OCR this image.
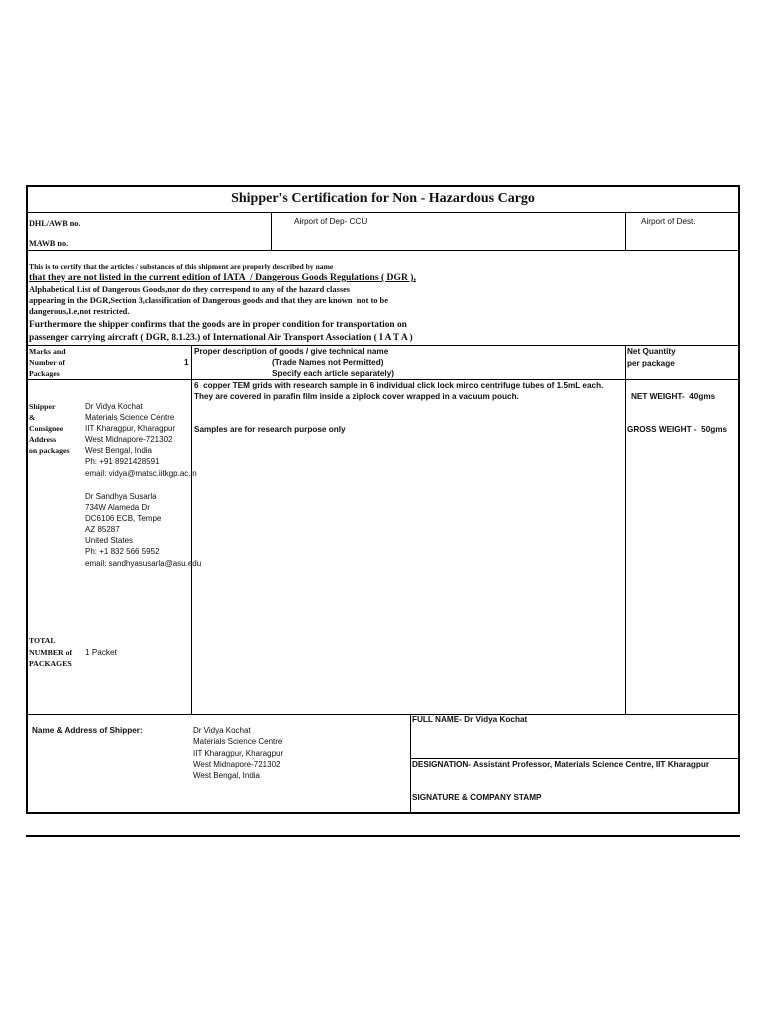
Shipper's Certification for Non - Hazardous Cargo
DHL/AWB no.
MAWB no.
Airport of Dep- CCU	Airport of Dest.
This is to certify that the articles / substances of this shipment are properly described by name
that they are not listed in the current edition of IATA  / Dangerous Goods Regulations ( DGR ),
Alphabetical List of Dangerous Goods,nor do they correspond to any of the hazard classes
appearing in the DGR,Section 3,classification of Dangerous goods and that they are known  not to be
dangerous,I.e,not restricted.
Furthermore the shipper confirms that the goods are in proper condition for transportation on
passenger carrying aircraft ( DGR, 8.1.23.) of International Air Transport Association ( I A T A )
Marks and
Number of
Packages
1
Proper description of goods / give technical name
(Trade Names not Permitted)
Specify each article separately)
Net Quantity
per package
6  copper TEM grids with research sample in 6 individual click lock mirco centrifuge tubes of 1.5mL each.
They are covered in parafin film inside a ziplock cover wrapped in a vacuum pouch.
Samples are for research purpose only
NET WEIGHT-  40gms
GROSS WEIGHT -  50gms
Shipper
&
Consignee
Address
on packages
Dr Vidya Kochat
Materials Science Centre
IIT Kharagpur, Kharagpur
West Midnapore-721302
West Bengal, India
Ph: +91 8921428591
email: vidya@matsc.iitkgp.ac.in
Dr Sandhya Susarla
734W Alameda Dr
DC6106 ECB, Tempe
AZ 85287
United States
Ph: +1 832 566 5952
email: sandhyasusarla@asu.edu
TOTAL
NUMBER of
PACKAGES
1 Packet
Name & Address of Shipper:	Dr Vidya Kochat
Materials Science Centre
IIT Kharagpur, Kharagpur
West Midnapore-721302
West Bengal, India
FULL NAME- Dr Vidya Kochat
DESIGNATION- Assistant Professor, Materials Science Centre, IIT Kharagpur
SIGNATURE & COMPANY STAMP
